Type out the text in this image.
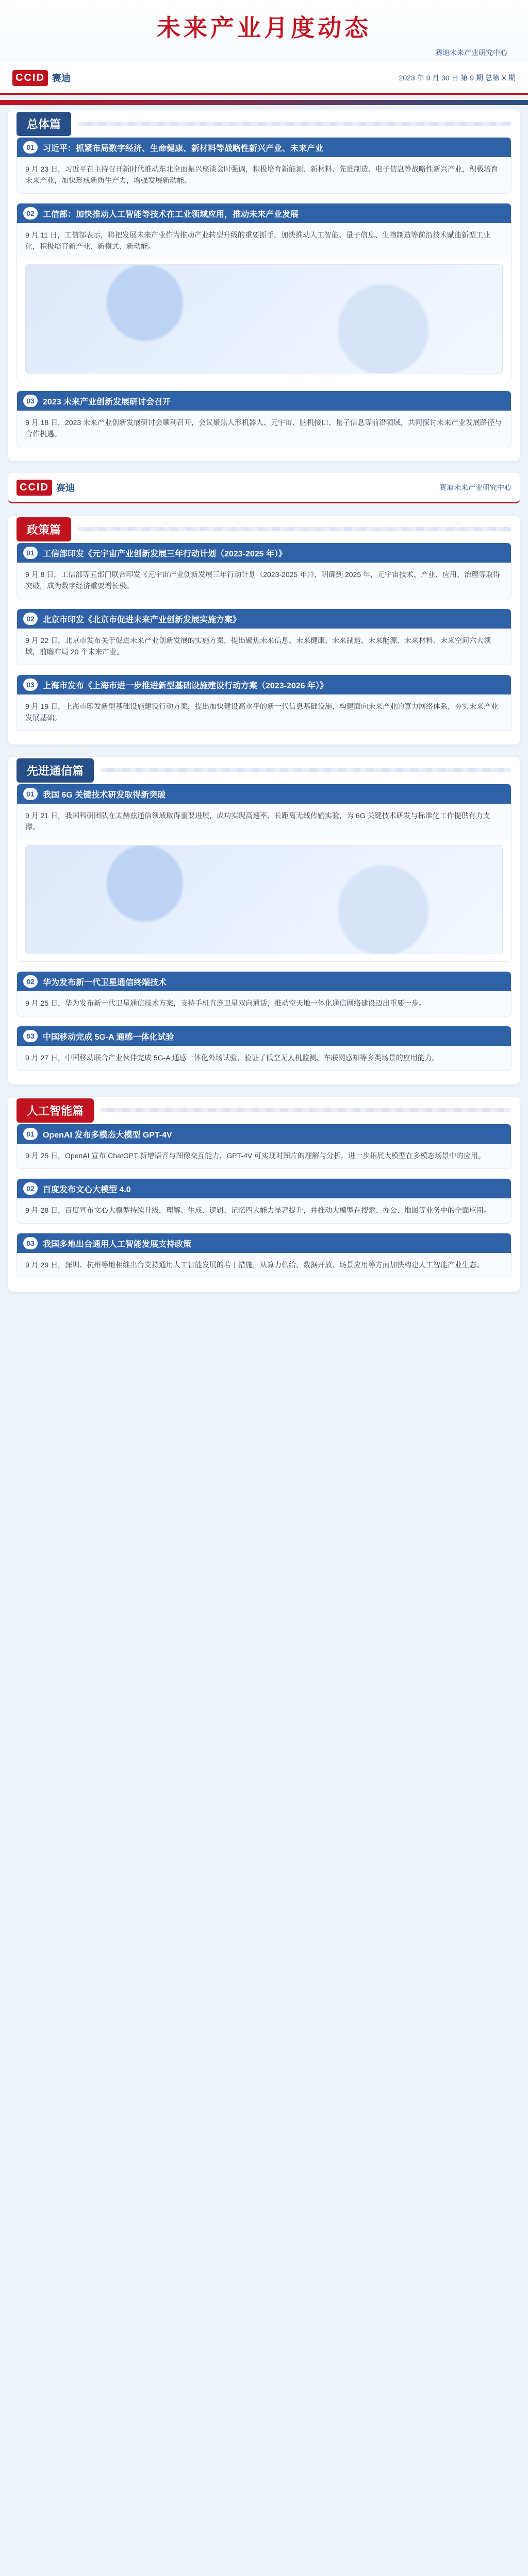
未来产业月度动态
赛迪未来产业研究中心
CCID 赛迪	2023 年 9 月 30 日 第 9 期 总第 X 期
总体篇
01	习近平：抓紧布局数字经济、生命健康、新材料等战略性新兴产业、未来产业
9 月 23 日，习近平在主持召开新时代推动东北全面振兴座谈会时强调，积极培育新能源、新材料、先进制造、电子信息等战略性新兴产业，积极培育未来产业，加快形成新质生产力，增强发展新动能。
02	工信部：加快推动人工智能等技术在工业领域应用，推动未来产业发展
9 月 11 日，工信部表示，将把发展未来产业作为推动产业转型升级的重要抓手，加快推动人工智能、量子信息、生物制造等前沿技术赋能新型工业化，积极培育新产业、新模式、新动能。
03	2023 未来产业创新发展研讨会召开
9 月 18 日，2023 未来产业创新发展研讨会顺利召开，会议聚焦人形机器人、元宇宙、脑机接口、量子信息等前沿领域，共同探讨未来产业发展路径与合作机遇。
CCID 赛迪	赛迪未来产业研究中心
政策篇
01	工信部印发《元宇宙产业创新发展三年行动计划（2023-2025 年）》
9 月 8 日，工信部等五部门联合印发《元宇宙产业创新发展三年行动计划（2023-2025 年）》，明确到 2025 年，元宇宙技术、产业、应用、治理等取得突破，成为数字经济重要增长极。
02	北京市印发《北京市促进未来产业创新发展实施方案》
9 月 22 日，北京市发布关于促进未来产业创新发展的实施方案，提出聚焦未来信息、未来健康、未来制造、未来能源、未来材料、未来空间六大领域，前瞻布局 20 个未来产业。
03	上海市发布《上海市进一步推进新型基础设施建设行动方案（2023-2026 年）》
9 月 19 日，上海市印发新型基础设施建设行动方案，提出加快建设高水平的新一代信息基础设施，构建面向未来产业的算力网络体系，夯实未来产业发展基础。
先进通信篇
01	我国 6G 关键技术研发取得新突破
9 月 21 日，我国科研团队在太赫兹通信领域取得重要进展，成功实现高速率、长距离无线传输实验，为 6G 关键技术研发与标准化工作提供有力支撑。
02	华为发布新一代卫星通信终端技术
9 月 25 日，华为发布新一代卫星通信技术方案，支持手机直连卫星双向通话，推动空天地一体化通信网络建设迈出重要一步。
03	中国移动完成 5G-A 通感一体化试验
9 月 27 日，中国移动联合产业伙伴完成 5G-A 通感一体化外场试验，验证了低空无人机监测、车联网感知等多类场景的应用能力。
人工智能篇
01	OpenAI 发布多模态大模型 GPT-4V
9 月 25 日，OpenAI 宣布 ChatGPT 新增语音与图像交互能力，GPT-4V 可实现对图片的理解与分析，进一步拓展大模型在多模态场景中的应用。
02	百度发布文心大模型 4.0
9 月 28 日，百度宣布文心大模型持续升级，理解、生成、逻辑、记忆四大能力显著提升，并推动大模型在搜索、办公、地图等业务中的全面应用。
03	我国多地出台通用人工智能发展支持政策
9 月 29 日，深圳、杭州等地相继出台支持通用人工智能发展的若干措施，从算力供给、数据开放、场景应用等方面加快构建人工智能产业生态。
